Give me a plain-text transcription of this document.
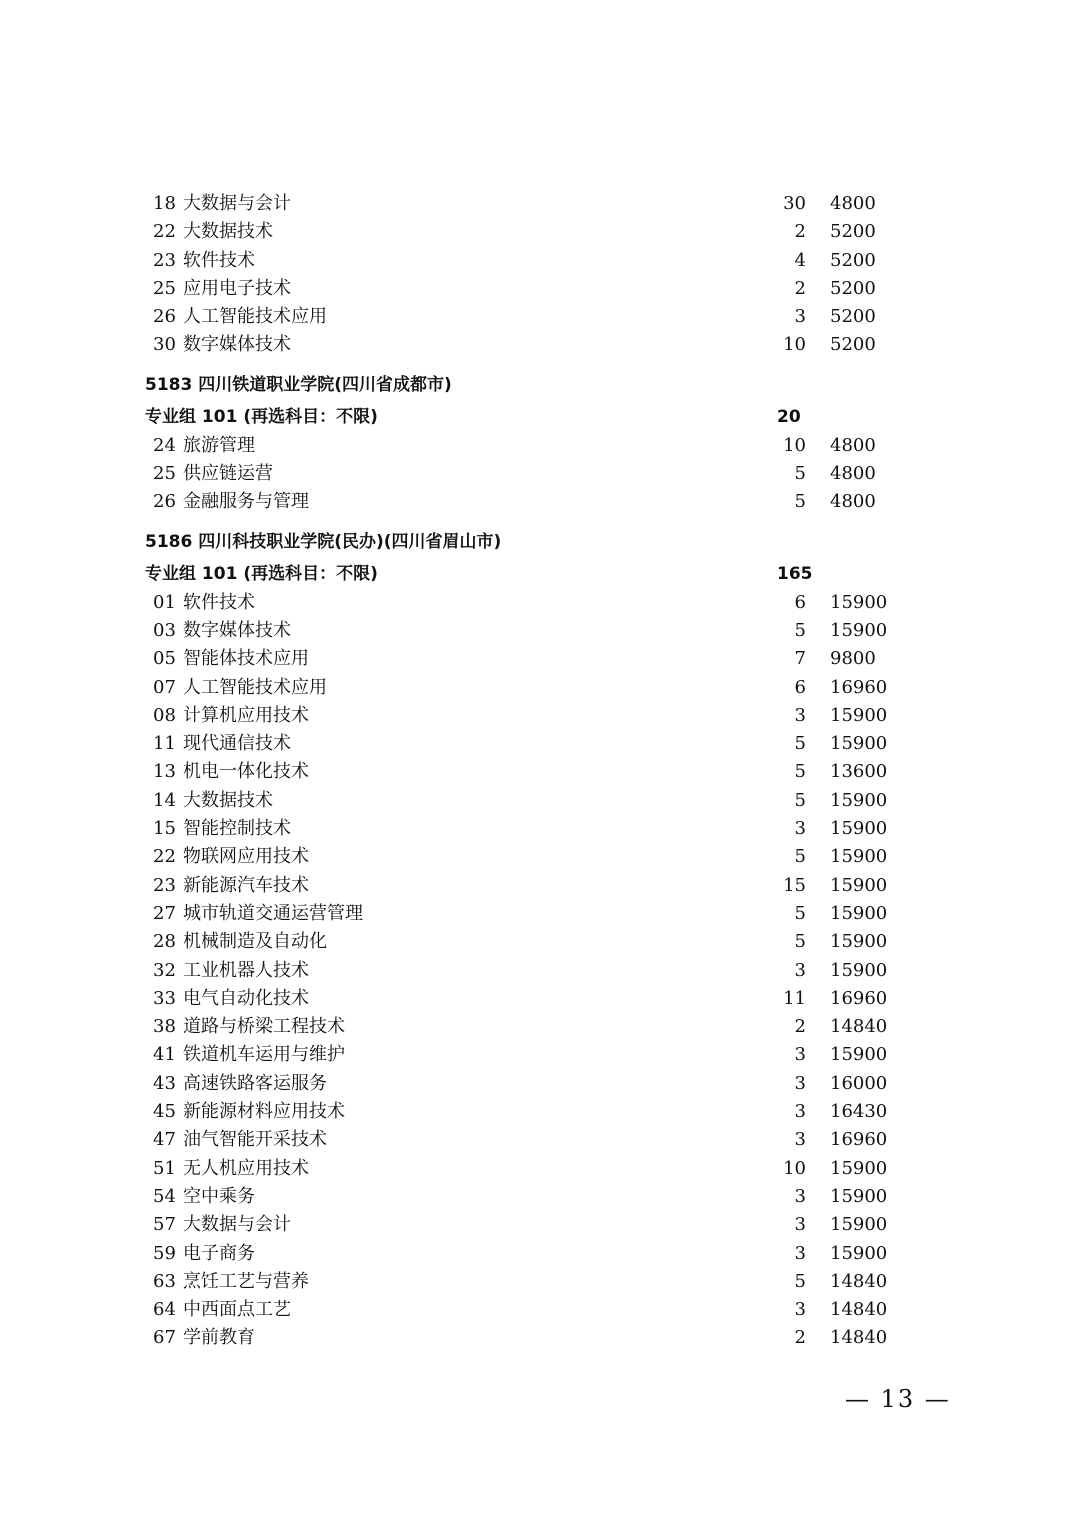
18 大数据与会计	30 4800
22 大数据技术	2 5200
23 软件技术	4 5200
25 应用电子技术	2 5200
26 人工智能技术应用	3 5200
30 数字媒体技术	10 5200
5183 四川铁道职业学院(四川省成都市)
专业组 101 (再选科目：不限)	20
24 旅游管理	10 4800
25 供应链运营	5 4800
26 金融服务与管理	5 4800
5186 四川科技职业学院(民办)(四川省眉山市)
专业组 101 (再选科目：不限)	165
01 软件技术	6 15900
03 数字媒体技术	5 15900
05 智能体技术应用	7 9800
07 人工智能技术应用	6 16960
08 计算机应用技术	3 15900
11 现代通信技术	5 15900
13 机电一体化技术	5 13600
14 大数据技术	5 15900
15 智能控制技术	3 15900
22 物联网应用技术	5 15900
23 新能源汽车技术	15 15900
27 城市轨道交通运营管理	5 15900
28 机械制造及自动化	5 15900
32 工业机器人技术	3 15900
33 电气自动化技术	11 16960
38 道路与桥梁工程技术	2 14840
41 铁道机车运用与维护	3 15900
43 高速铁路客运服务	3 16000
45 新能源材料应用技术	3 16430
47 油气智能开采技术	3 16960
51 无人机应用技术	10 15900
54 空中乘务	3 15900
57 大数据与会计	3 15900
59 电子商务	3 15900
63 烹饪工艺与营养	5 14840
64 中西面点工艺	3 14840
67 学前教育	2 14840
— 13 —
